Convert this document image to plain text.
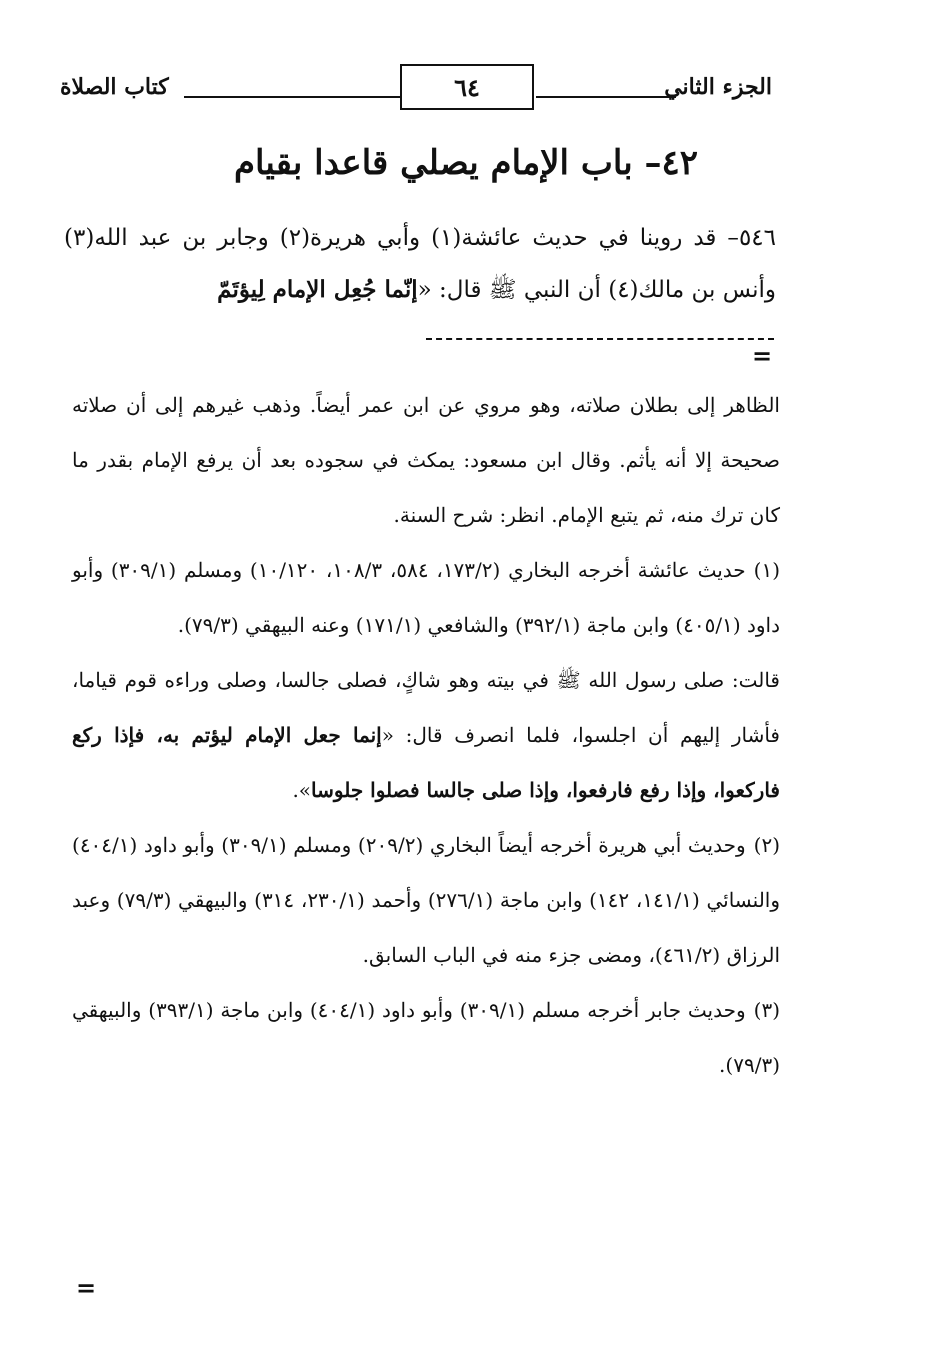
كتاب الصلاة	٦٤	الجزء الثاني
٤٢– باب الإمام يصلي قاعدا بقيام

٥٤٦– قد روينا في حديث عائشة(١) وأبي هريرة(٢) وجابر بن عبد الله(٣) وأنس بن مالك(٤) أن النبي ﷺ قال: «إنّما جُعِل الإمام لِيؤتَمّ

=

الظاهر إلى بطلان صلاته، وهو مروي عن ابن عمر أيضاً. وذهب غيرهم إلى أن صلاته صحيحة إلا أنه يأثم. وقال ابن مسعود: يمكث في سجوده بعد أن يرفع الإمام بقدر ما كان ترك منه، ثم يتبع الإمام. انظر: شرح السنة.

(١)حديث عائشة أخرجه البخاري (١٧٣/٢، ٥٨٤، ١٠٨/٣، ١٠/١٢٠) ومسلم (٣٠٩/١) وأبو داود (٤٠٥/١) وابن ماجة (٣٩٢/١) والشافعي (١٧١/١) وعنه البيهقي (٧٩/٣).

قالت: صلى رسول الله ﷺ في بيته وهو شاكٍ، فصلى جالسا، وصلى وراءه قوم قياما، فأشار إليهم أن اجلسوا، فلما انصرف قال: «إنما جعل الإمام ليؤتم به، فإذا ركع فاركعوا، وإذا رفع فارفعوا، وإذا صلى جالسا فصلوا جلوسا».

(٢)وحديث أبي هريرة أخرجه أيضاً البخاري (٢٠٩/٢) ومسلم (٣٠٩/١) وأبو داود (٤٠٤/١) والنسائي (١٤١/١، ١٤٢) وابن ماجة (٢٧٦/١) وأحمد (٢٣٠/١، ٣١٤) والبيهقي (٧٩/٣) وعبد الرزاق (٤٦١/٢)، ومضى جزء منه في الباب السابق.

(٣)وحديث جابر أخرجه مسلم (٣٠٩/١) وأبو داود (٤٠٤/١) وابن ماجة (٣٩٣/١) والبيهقي (٧٩/٣).

=
